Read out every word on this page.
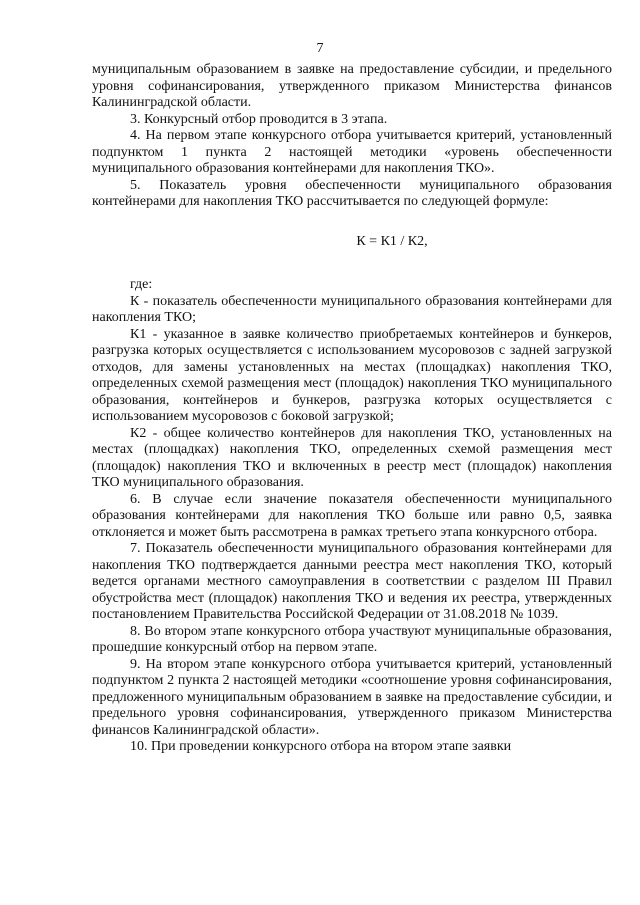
7

муниципальным образованием в заявке на предоставление субсидии, и предельного уровня софинансирования, утвержденного приказом Министерства финансов Калининградской области.

3. Конкурсный отбор проводится в 3 этапа.

4. На первом этапе конкурсного отбора учитывается критерий, установленный подпунктом 1 пункта 2 настоящей методики «уровень обеспеченности муниципального образования контейнерами для накопления ТКО».

5. Показатель уровня обеспеченности муниципального образования контейнерами для накопления ТКО рассчитывается по следующей формуле:

К = К1 / К2,

где:

К - показатель обеспеченности муниципального образования контейнерами для накопления ТКО;

К1 - указанное в заявке количество приобретаемых контейнеров и бункеров, разгрузка которых осуществляется с использованием мусоровозов с задней загрузкой отходов, для замены установленных на местах (площадках) накопления ТКО, определенных схемой размещения мест (площадок) накопления ТКО муниципального образования, контейнеров и бункеров, разгрузка которых осуществляется с использованием мусоровозов с боковой загрузкой;

К2 - общее количество контейнеров для накопления ТКО, установленных на местах (площадках) накопления ТКО, определенных схемой размещения мест (площадок) накопления ТКО и включенных в реестр мест (площадок) накопления ТКО муниципального образования.

6. В случае если значение показателя обеспеченности муниципального образования контейнерами для накопления ТКО больше или равно 0,5, заявка отклоняется и может быть рассмотрена в рамках третьего этапа конкурсного отбора.

7. Показатель обеспеченности муниципального образования контейнерами для накопления ТКО подтверждается данными реестра мест накопления ТКО, который ведется органами местного самоуправления в соответствии с разделом III Правил обустройства мест (площадок) накопления ТКО и ведения их реестра, утвержденных постановлением Правительства Российской Федерации от 31.08.2018 № 1039.

8. Во втором этапе конкурсного отбора участвуют муниципальные образования, прошедшие конкурсный отбор на первом этапе.

9. На втором этапе конкурсного отбора учитывается критерий, установленный подпунктом 2 пункта 2 настоящей методики «соотношение уровня софинансирования, предложенного муниципальным образованием в заявке на предоставление субсидии, и предельного уровня софинансирования, утвержденного приказом Министерства финансов Калининградской области».

10. При проведении конкурсного отбора на втором этапе заявки
